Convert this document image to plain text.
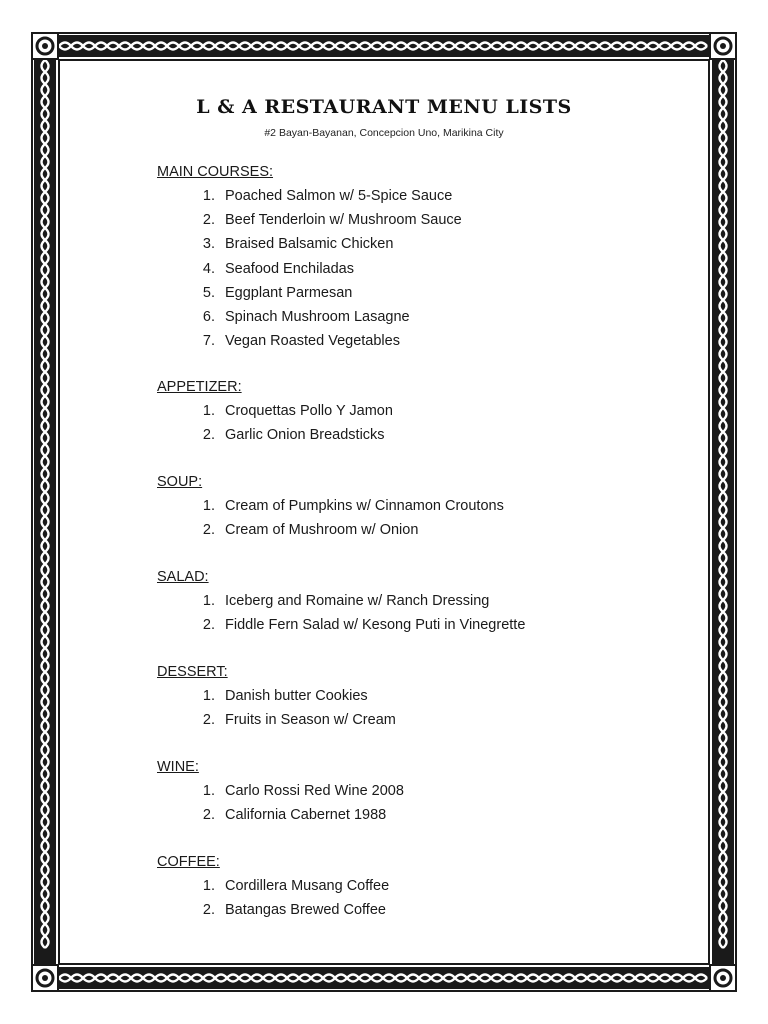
L & A RESTAURANT MENU LISTS
#2 Bayan-Bayanan, Concepcion Uno, Marikina City
MAIN COURSES:
1. Poached Salmon w/ 5-Spice Sauce
2. Beef Tenderloin w/ Mushroom Sauce
3. Braised Balsamic Chicken
4. Seafood Enchiladas
5. Eggplant Parmesan
6. Spinach Mushroom Lasagne
7. Vegan Roasted Vegetables
APPETIZER:
1. Croquettas Pollo Y Jamon
2. Garlic Onion Breadsticks
SOUP:
1. Cream of Pumpkins w/ Cinnamon Croutons
2. Cream of Mushroom w/ Onion
SALAD:
1. Iceberg and Romaine w/ Ranch Dressing
2. Fiddle Fern Salad w/ Kesong Puti in Vinegrette
DESSERT:
1. Danish butter Cookies
2. Fruits in Season w/ Cream
WINE:
1. Carlo Rossi Red Wine 2008
2. California Cabernet 1988
COFFEE:
1. Cordillera Musang Coffee
2. Batangas Brewed Coffee
